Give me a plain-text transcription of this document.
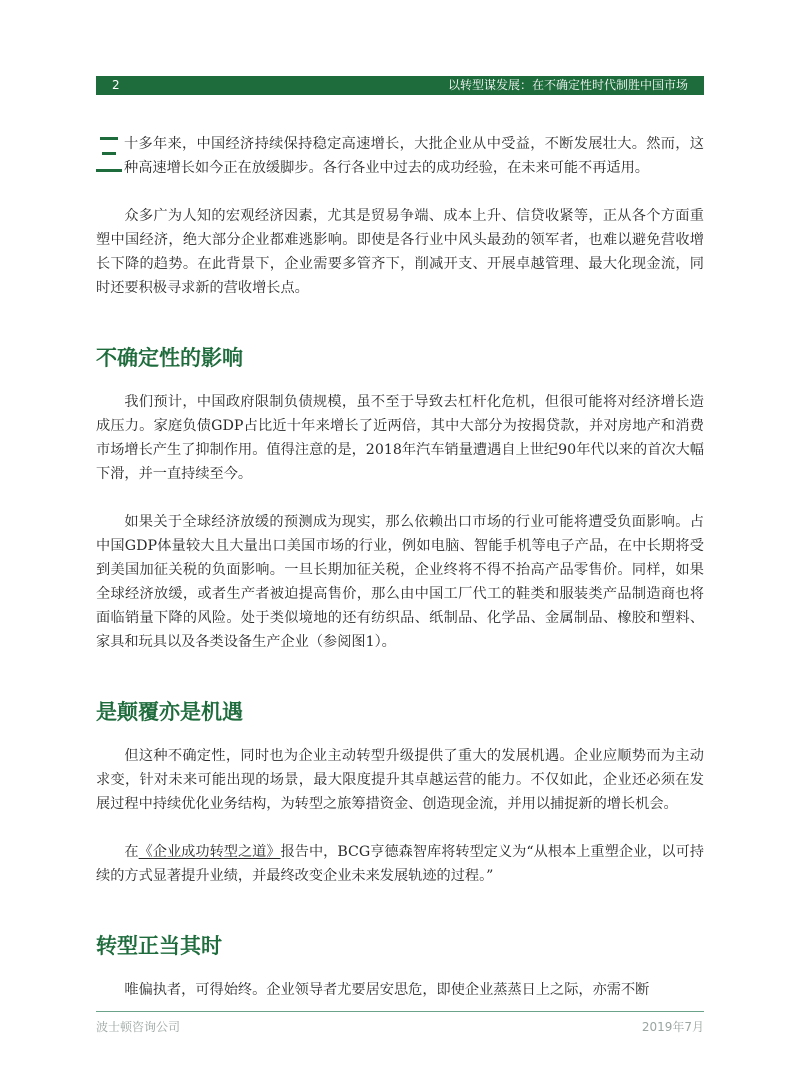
2	以转型谋发展：在不确定性时代制胜中国市场

十多年来，中国经济持续保持稳定高速增长，大批企业从中受益，不断发展壮大。然而，这种高速增长如今正在放缓脚步。各行各业中过去的成功经验，在未来可能不再适用。

众多广为人知的宏观经济因素，尤其是贸易争端、成本上升、信贷收紧等，正从各个方面重塑中国经济，绝大部分企业都难逃影响。即使是各行业中风头最劲的领军者，也难以避免营收增长下降的趋势。在此背景下，企业需要多管齐下，削减开支、开展卓越管理、最大化现金流，同时还要积极寻求新的营收增长点。

不确定性的影响

我们预计，中国政府限制负债规模，虽不至于导致去杠杆化危机，但很可能将对经济增长造成压力。家庭负债GDP占比近十年来增长了近两倍，其中大部分为按揭贷款，并对房地产和消费市场增长产生了抑制作用。值得注意的是，2018年汽车销量遭遇自上世纪90年代以来的首次大幅下滑，并一直持续至今。

如果关于全球经济放缓的预测成为现实，那么依赖出口市场的行业可能将遭受负面影响。占中国GDP体量较大且大量出口美国市场的行业，例如电脑、智能手机等电子产品，在中长期将受到美国加征关税的负面影响。一旦长期加征关税，企业终将不得不抬高产品零售价。同样，如果全球经济放缓，或者生产者被迫提高售价，那么由中国工厂代工的鞋类和服装类产品制造商也将面临销量下降的风险。处于类似境地的还有纺织品、纸制品、化学品、金属制品、橡胶和塑料、家具和玩具以及各类设备生产企业（参阅图1）。

是颠覆亦是机遇

但这种不确定性，同时也为企业主动转型升级提供了重大的发展机遇。企业应顺势而为主动求变，针对未来可能出现的场景，最大限度提升其卓越运营的能力。不仅如此，企业还必须在发展过程中持续优化业务结构，为转型之旅筹措资金、创造现金流，并用以捕捉新的增长机会。

在《企业成功转型之道》报告中，BCG亨德森智库将转型定义为“从根本上重塑企业，以可持续的方式显著提升业绩，并最终改变企业未来发展轨迹的过程。”

转型正当其时

唯偏执者，可得始终。企业领导者尤要居安思危，即使企业蒸蒸日上之际，亦需不断

波士顿咨询公司	2019年7月
